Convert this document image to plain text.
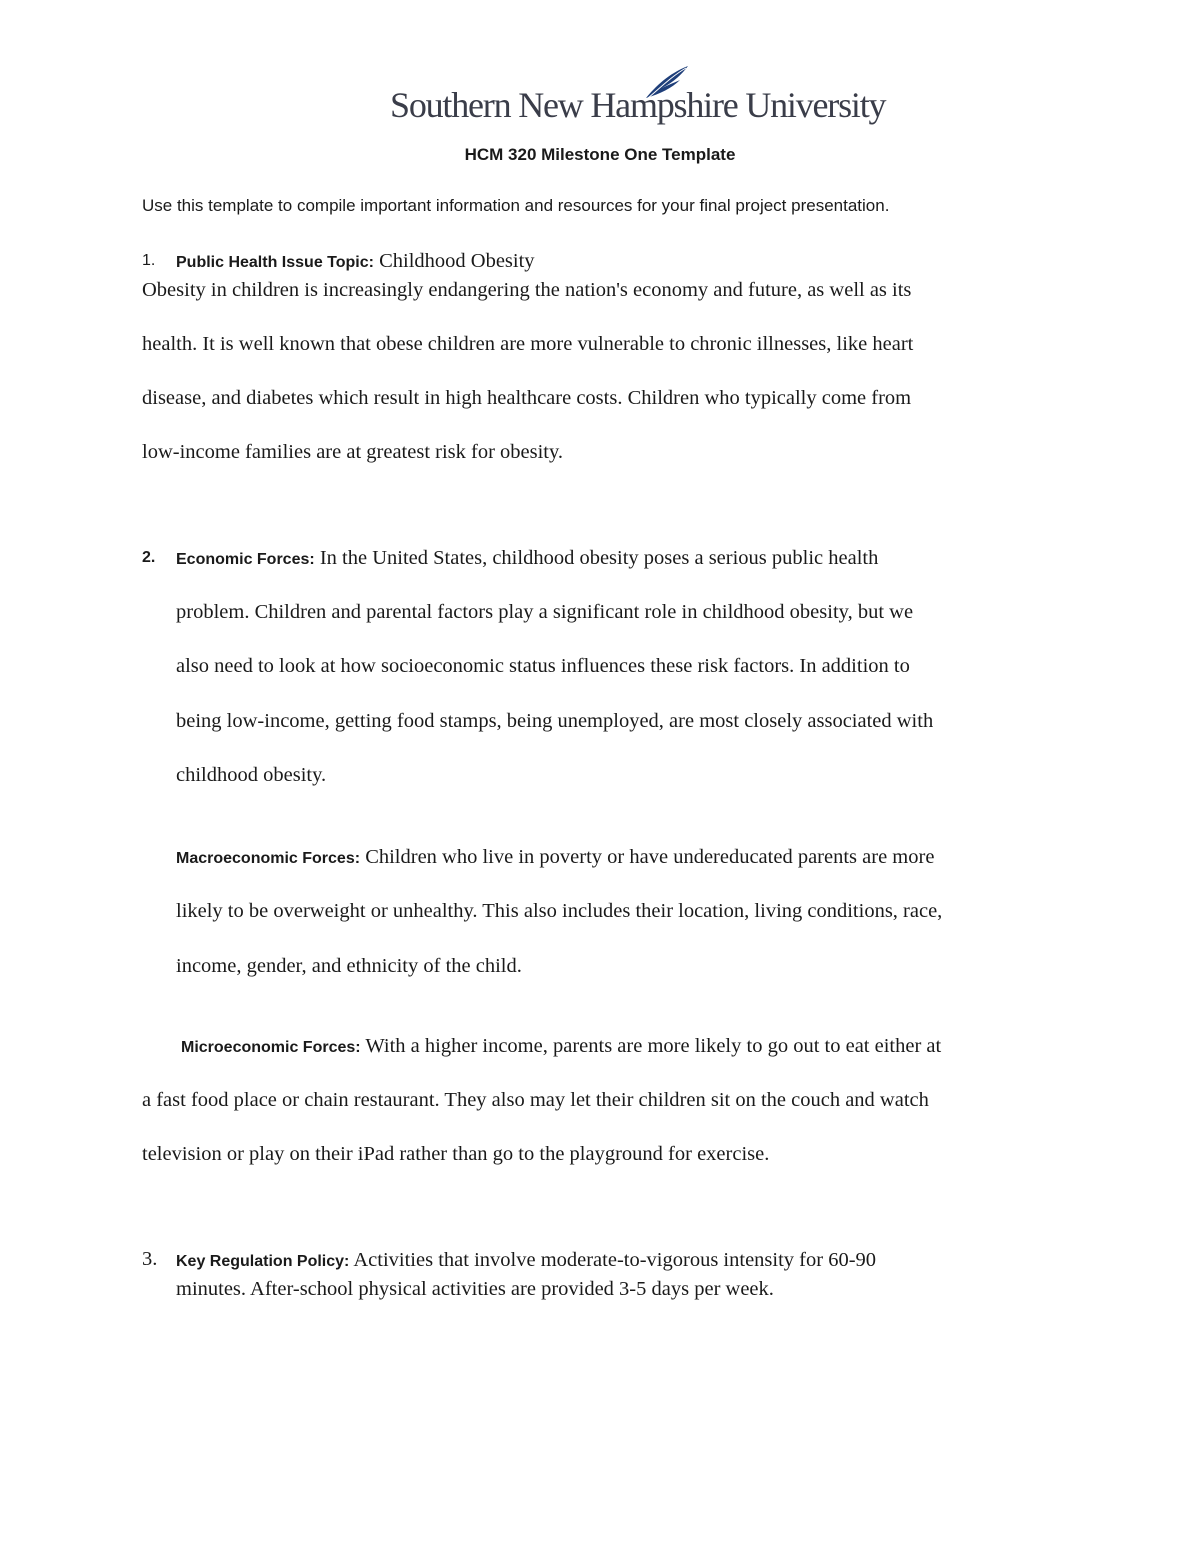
Southern New Hampshire University
HCM 320 Milestone One Template
Use this template to compile important information and resources for your final project presentation.
1. Public Health Issue Topic: Childhood Obesity
Obesity in children is increasingly endangering the nation's economy and future, as well as its
health. It is well known that obese children are more vulnerable to chronic illnesses, like heart
disease, and diabetes which result in high healthcare costs. Children who typically come from
low-income families are at greatest risk for obesity.
2. Economic Forces: In the United States, childhood obesity poses a serious public health
problem. Children and parental factors play a significant role in childhood obesity, but we
also need to look at how socioeconomic status influences these risk factors. In addition to
being low-income, getting food stamps, being unemployed, are most closely associated with
childhood obesity.
Macroeconomic Forces: Children who live in poverty or have undereducated parents are more
likely to be overweight or unhealthy. This also includes their location, living conditions, race,
income, gender, and ethnicity of the child.
Microeconomic Forces: With a higher income, parents are more likely to go out to eat either at
a fast food place or chain restaurant. They also may let their children sit on the couch and watch
television or play on their iPad rather than go to the playground for exercise.
3. Key Regulation Policy: Activities that involve moderate-to-vigorous intensity for 60-90
minutes. After-school physical activities are provided 3-5 days per week.
